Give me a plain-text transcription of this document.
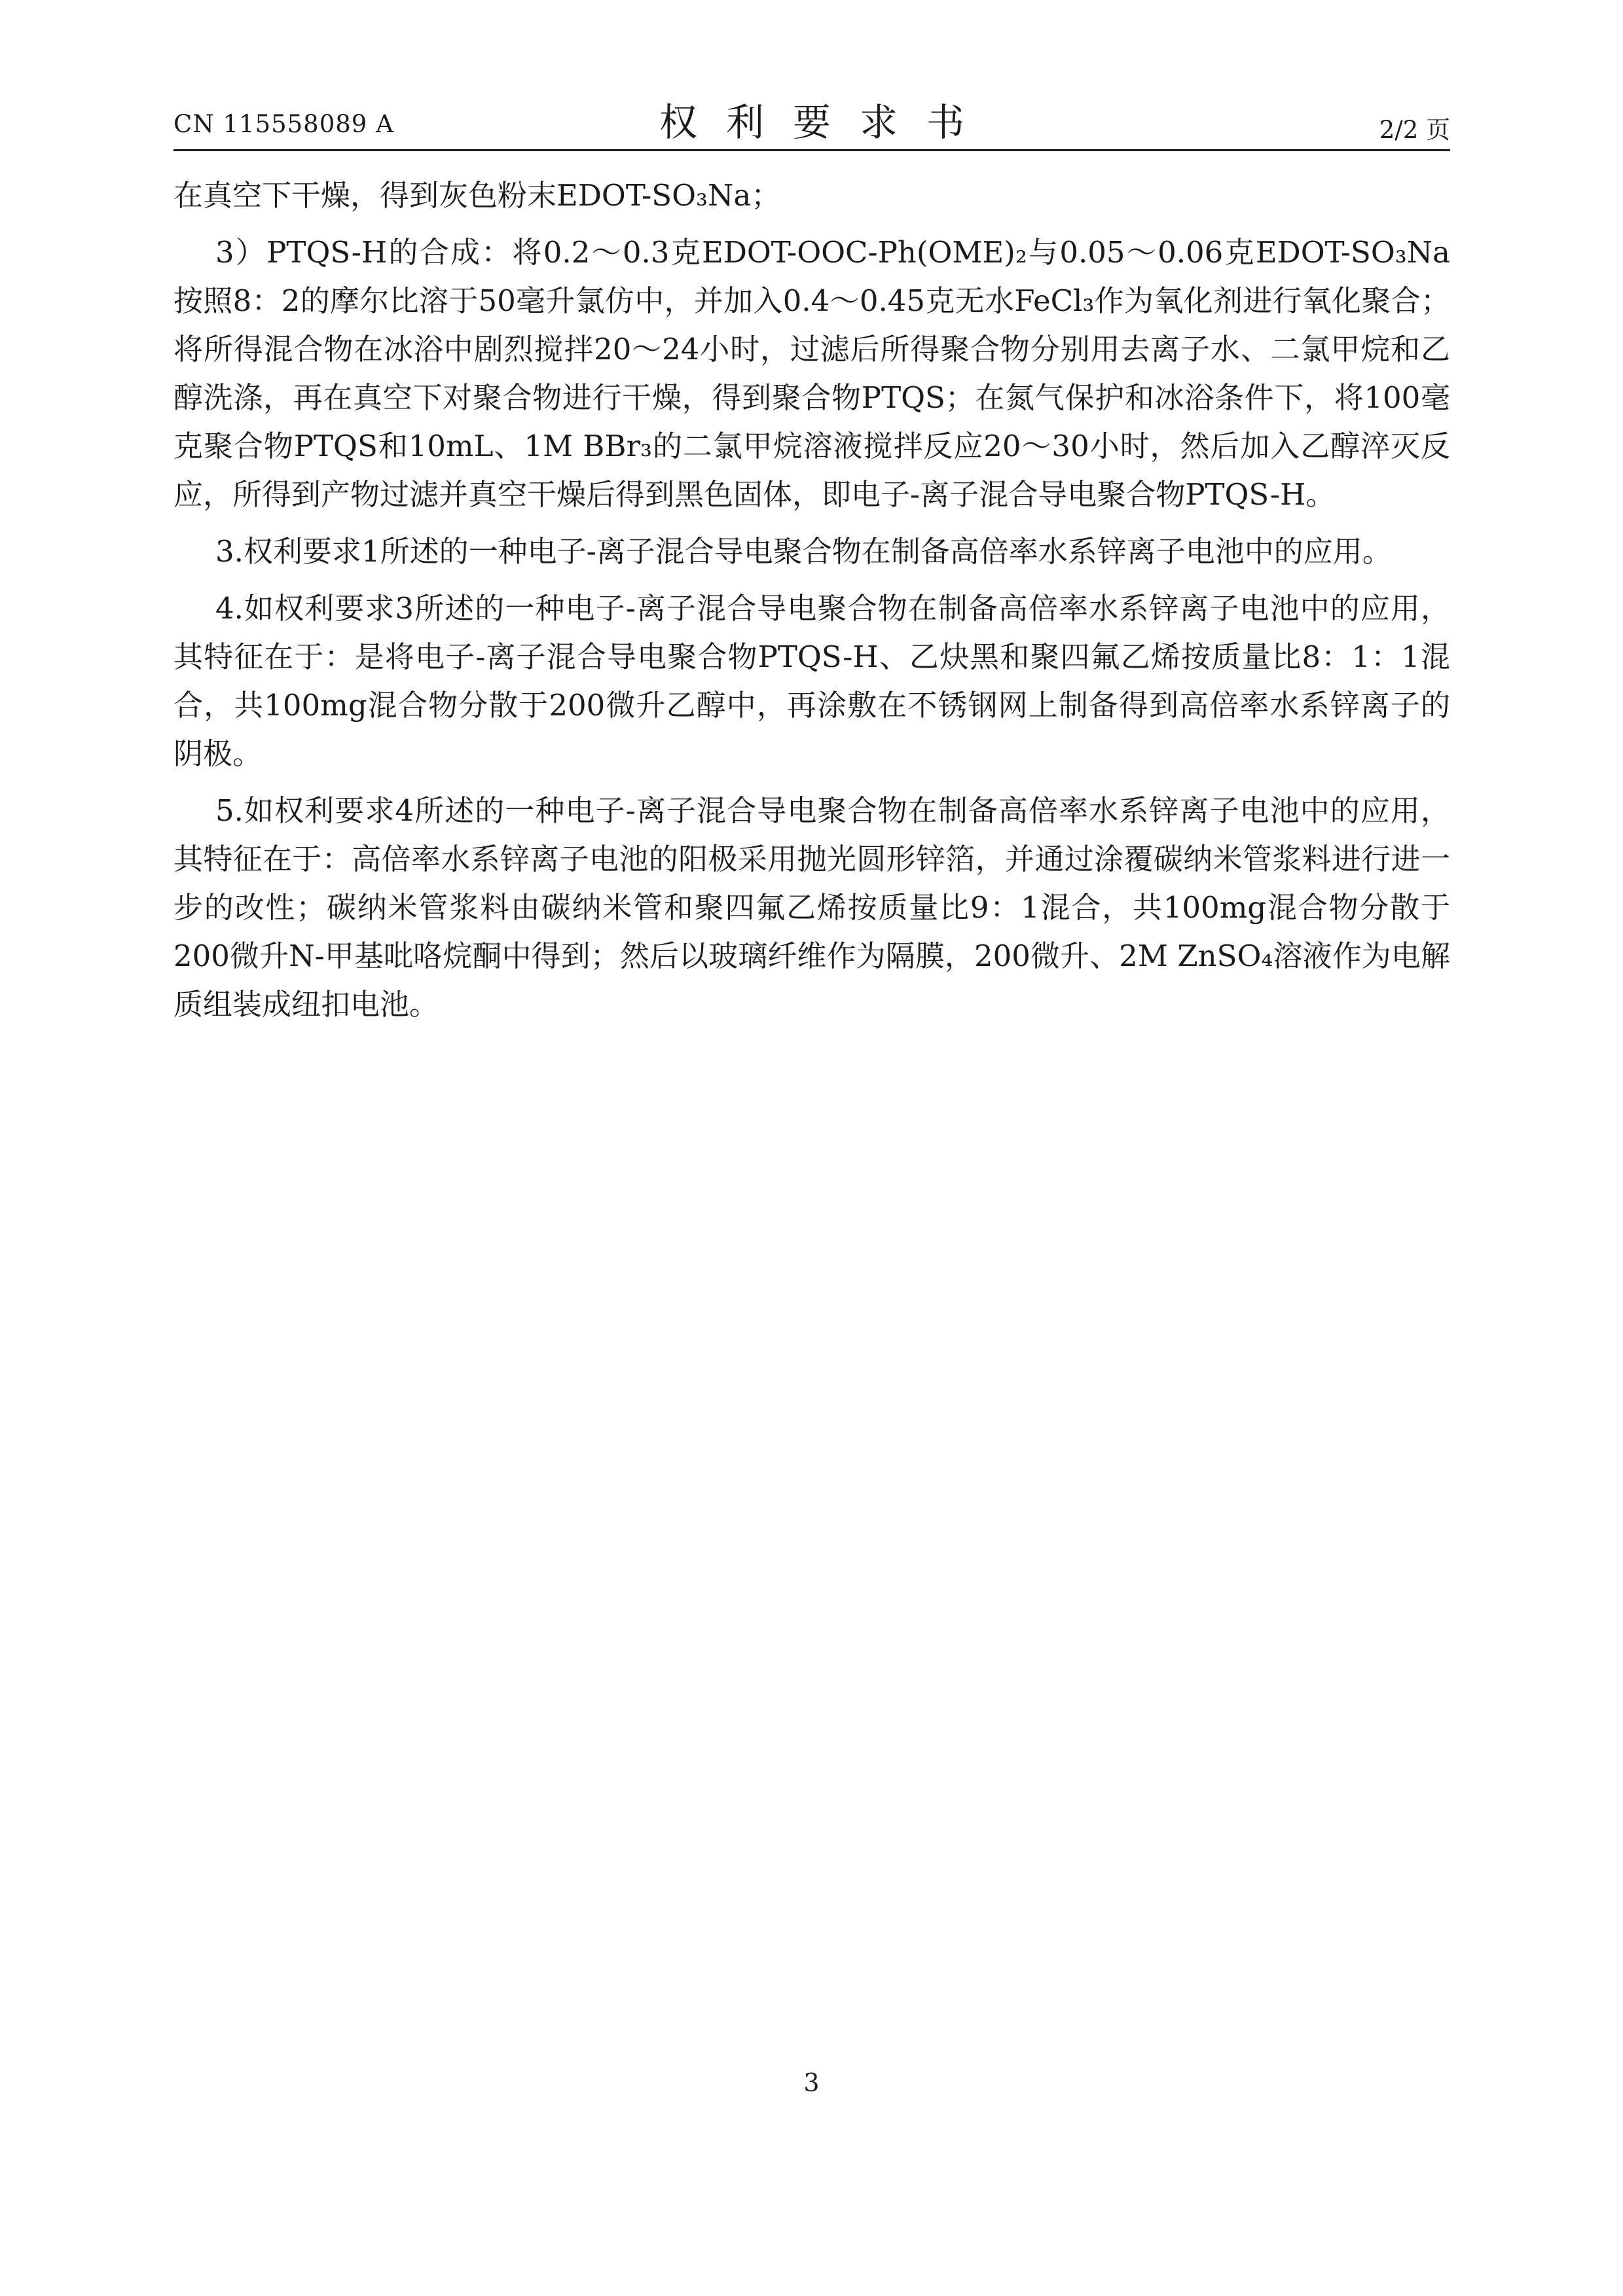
CN 115558089 A	权利要求书	2/2 页

在真空下干燥，得到灰色粉末EDOT-SO₃Na；

3）PTQS-H的合成：将0.2～0.3克EDOT-OOC-Ph(OME)₂与0.05～0.06克EDOT-SO₃Na按照8：2的摩尔比溶于50毫升氯仿中，并加入0.4～0.45克无水FeCl₃作为氧化剂进行氧化聚合；将所得混合物在冰浴中剧烈搅拌20～24小时，过滤后所得聚合物分别用去离子水、二氯甲烷和乙醇洗涤，再在真空下对聚合物进行干燥，得到聚合物PTQS；在氮气保护和冰浴条件下，将100毫克聚合物PTQS和10mL、1M BBr₃的二氯甲烷溶液搅拌反应20～30小时，然后加入乙醇淬灭反应，所得到产物过滤并真空干燥后得到黑色固体，即电子-离子混合导电聚合物PTQS-H。

3.权利要求1所述的一种电子-离子混合导电聚合物在制备高倍率水系锌离子电池中的应用。

4.如权利要求3所述的一种电子-离子混合导电聚合物在制备高倍率水系锌离子电池中的应用，其特征在于：是将电子-离子混合导电聚合物PTQS-H、乙炔黑和聚四氟乙烯按质量比8：1：1混合，共100mg混合物分散于200微升乙醇中，再涂敷在不锈钢网上制备得到高倍率水系锌离子的阴极。

5.如权利要求4所述的一种电子-离子混合导电聚合物在制备高倍率水系锌离子电池中的应用，其特征在于：高倍率水系锌离子电池的阳极采用抛光圆形锌箔，并通过涂覆碳纳米管浆料进行进一步的改性；碳纳米管浆料由碳纳米管和聚四氟乙烯按质量比9：1混合，共100mg混合物分散于200微升N-甲基吡咯烷酮中得到；然后以玻璃纤维作为隔膜，200微升、2M ZnSO₄溶液作为电解质组装成纽扣电池。

3
